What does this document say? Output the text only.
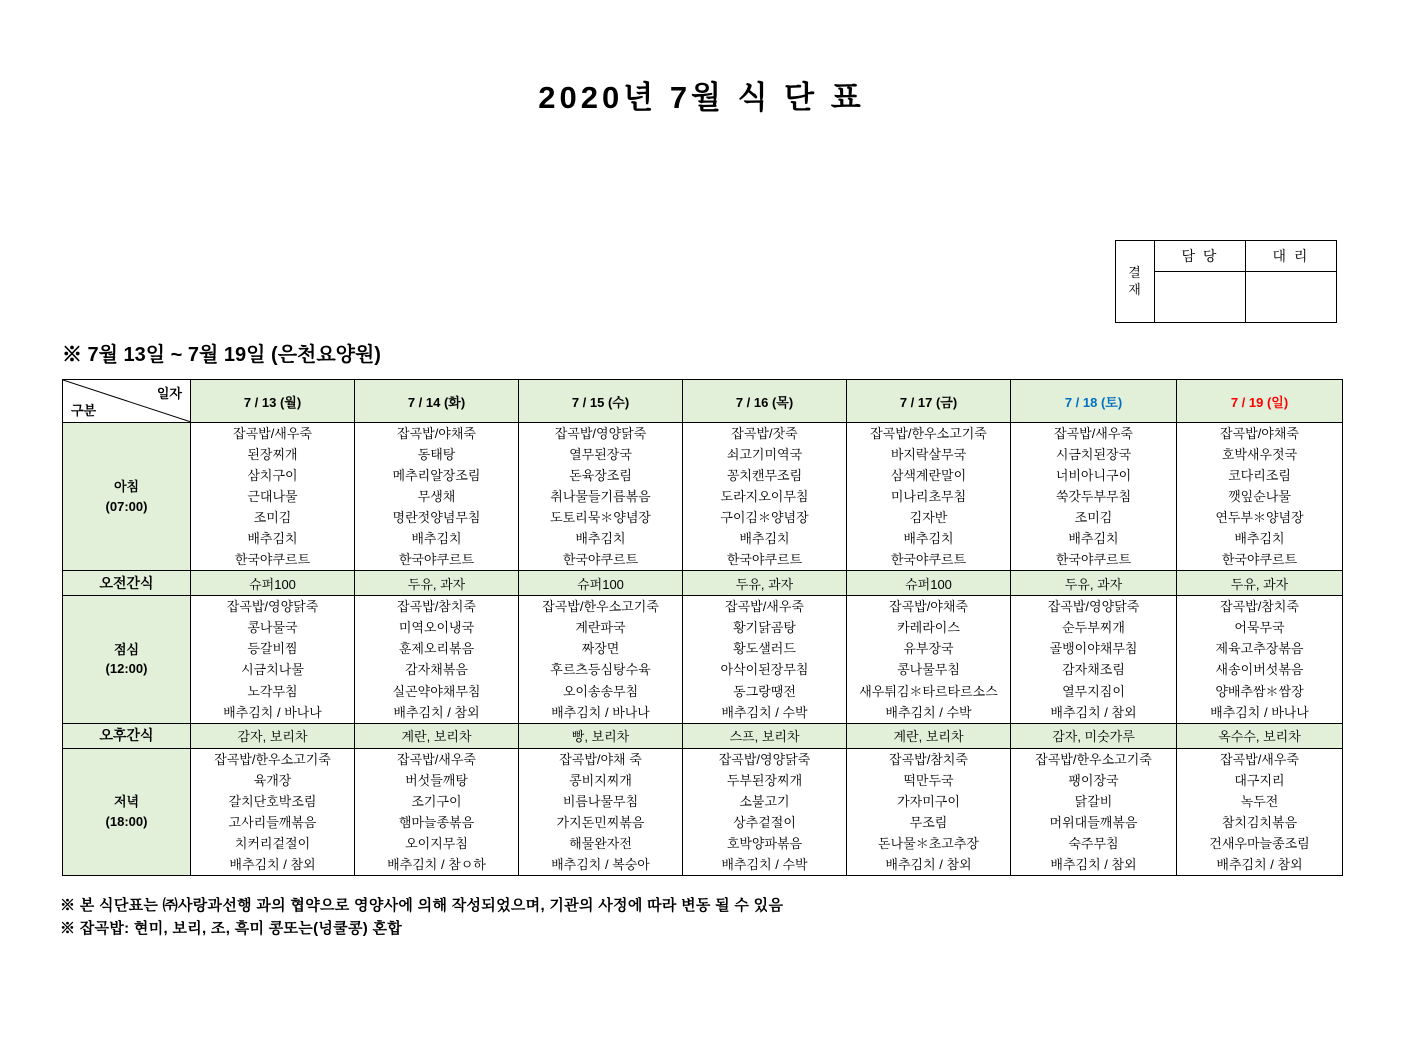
2020년 7월 식 단 표
결
재	담 당	대 리

※ 7월 13일 ~ 7월 19일 (은천요양원)
일자
구분	7 / 13 (월)	7 / 14 (화)	7 / 15 (수)	7 / 16 (목)	7 / 17 (금)	7 / 18 (토)	7 / 19 (일)
아침
(07:00)	잡곡밥/새우죽
된장찌개
삼치구이
근대나물
조미김
배추김치
한국야쿠르트	잡곡밥/야채죽
동태탕
메추리알장조림
무생채
명란젓양념무침
배추김치
한국야쿠르트	잡곡밥/영양닭죽
열무된장국
돈육장조림
취나물들기름볶음
도토리묵＊양념장
배추김치
한국야쿠르트	잡곡밥/잣죽
쇠고기미역국
꽁치캔무조림
도라지오이무침
구이김＊양념장
배추김치
한국야쿠르트	잡곡밥/한우소고기죽
바지락살무국
삼색계란말이
미나리초무침
김자반
배추김치
한국야쿠르트	잡곡밥/새우죽
시금치된장국
너비아니구이
쑥갓두부무침
조미김
배추김치
한국야쿠르트	잡곡밥/야채죽
호박새우젓국
코다리조림
깻잎순나물
연두부＊양념장
배추김치
한국야쿠르트
오전간식	슈퍼100	두유, 과자	슈퍼100	두유, 과자	슈퍼100	두유, 과자	두유, 과자
점심
(12:00)	잡곡밥/영양닭죽
콩나물국
등갈비찜
시금치나물
노각무침
배추김치 / 바나나	잡곡밥/참치죽
미역오이냉국
훈제오리볶음
감자채볶음
실곤약야채무침
배추김치 / 참외	잡곡밥/한우소고기죽
계란파국
짜장면
후르츠등심탕수육
오이송송무침
배추김치 / 바나나	잡곡밥/새우죽
황기닭곰탕
황도샐러드
아삭이된장무침
동그랑땡전
배추김치 / 수박	잡곡밥/야채죽
카레라이스
유부장국
콩나물무침
새우튀김＊타르타르소스
배추김치 / 수박	잡곡밥/영양닭죽
순두부찌개
골뱅이야채무침
감자채조림
열무지짐이
배추김치 / 참외	잡곡밥/참치죽
어묵무국
제육고추장볶음
새송이버섯볶음
양배추쌈＊쌈장
배추김치 / 바나나
오후간식	감자, 보리차	계란, 보리차	빵, 보리차	스프, 보리차	계란, 보리차	감자, 미숫가루	옥수수, 보리차
저녁
(18:00)	잡곡밥/한우소고기죽
육개장
갈치단호박조림
고사리들깨볶음
치커리겉절이
배추김치 / 참외	잡곡밥/새우죽
버섯들깨탕
조기구이
햄마늘종볶음
오이지무침
배추김치 / 참ㅇ하	잡곡밥/야채 죽
콩비지찌개
비름나물무침
가지돈민찌볶음
해물완자전
배추김치 / 복숭아	잡곡밥/영양닭죽
두부된장찌개
소불고기
상추겉절이
호박양파볶음
배추김치 / 수박	잡곡밥/참치죽
떡만두국
가자미구이
무조림
돈나물＊초고추장
배추김치 / 참외	잡곡밥/한우소고기죽
팽이장국
닭갈비
머위대들깨볶음
숙주무침
배추김치 / 참외	잡곡밥/새우죽
대구지리
녹두전
참치김치볶음
건새우마늘종조림
배추김치 / 참외
※ 본 식단표는 ㈜사랑과선행 과의 협약으로 영양사에 의해 작성되었으며, 기관의 사정에 따라 변동 될 수 있음
※ 잡곡밥: 현미, 보리, 조, 흑미 콩또는(넝쿨콩) 혼합
